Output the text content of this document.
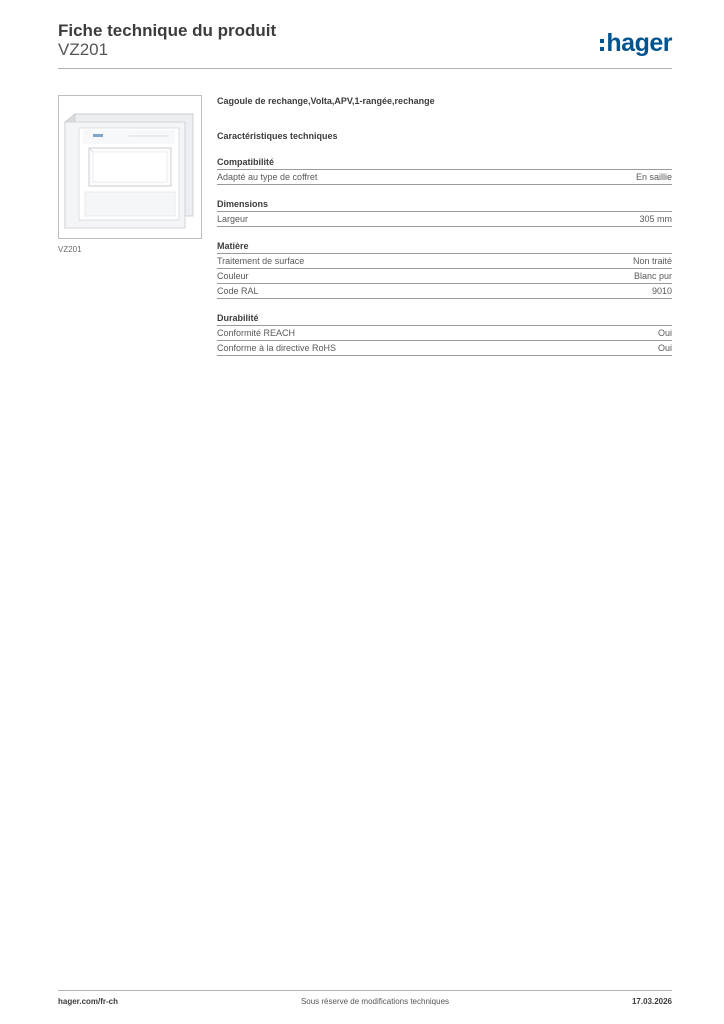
Fiche technique du produit
VZ201	hager
VZ201
Cagoule de rechange,Volta,APV,1-rangée,rechange
Caractéristiques techniques
Compatibilité
Adapté au type de coffret	En saillie
Dimensions
Largeur	305 mm
Matière
Traitement de surface	Non traité
Couleur	Blanc pur
Code RAL	9010
Durabilité
Conformité REACH	Oui
Conforme à la directive RoHS	Oui
hager.com/fr-ch	Sous réserve de modifications techniques	17.03.2026
